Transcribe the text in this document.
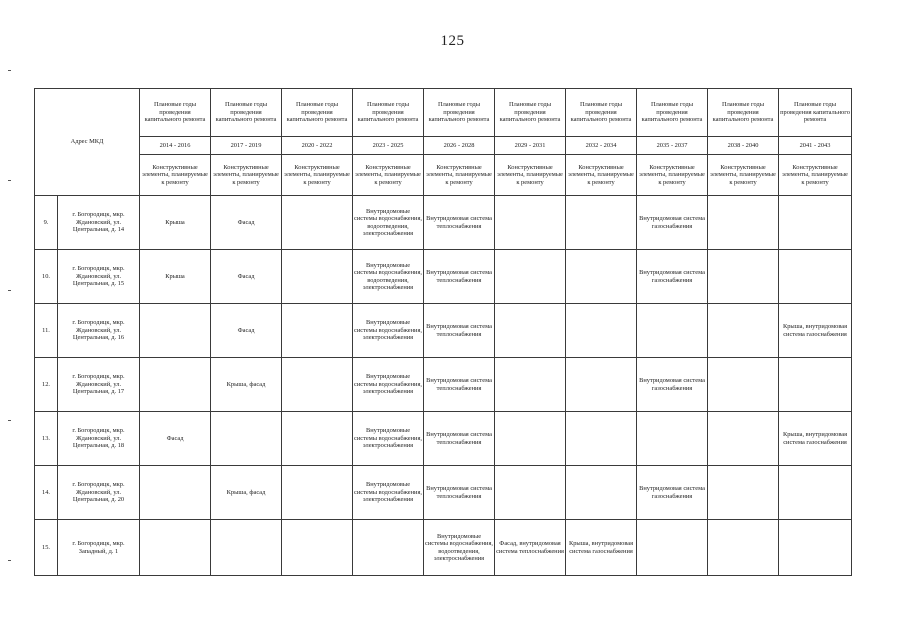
125
Адрес МКД		Плановые годы проведения капитального ремонта	Плановые годы проведения капитального ремонта	Плановые годы проведения капитального ремонта	Плановые годы проведения капитального ремонта	Плановые годы проведения капитального ремонта	Плановые годы проведения капитального ремонта	Плановые годы проведения капитального ремонта	Плановые годы проведения капитального ремонта	Плановые годы проведения капитального ремонта	Плановые годы проведения капитального ремонта
		2014 - 2016	2017 - 2019	2020 - 2022	2023 - 2025	2026 - 2028	2029 - 2031	2032 - 2034	2035 - 2037	2038 - 2040	2041 - 2043
		Конструктивные элементы, планируемые к ремонту	Конструктивные элементы, планируемые к ремонту	Конструктивные элементы, планируемые к ремонту	Конструктивные элементы, планируемые к ремонту	Конструктивные элементы, планируемые к ремонту	Конструктивные элементы, планируемые к ремонту	Конструктивные элементы, планируемые к ремонту	Конструктивные элементы, планируемые к ремонту	Конструктивные элементы, планируемые к ремонту	Конструктивные элементы, планируемые к ремонту
9.	г. Богородицк, мкр. Ждановский, ул. Центральная, д. 14	Крыша	Фасад		Внутридомовые системы водоснабжения, водоотведения, электроснабжения	Внутридомовая система теплоснабжения			Внутридомовая система газоснабжения		
10.	г. Богородицк, мкр. Ждановский, ул. Центральная, д. 15	Крыша	Фасад		Внутридомовые системы водоснабжения, водоотведения, электроснабжения	Внутридомовая система теплоснабжения			Внутридомовая система газоснабжения		
11.	г. Богородицк, мкр. Ждановский, ул. Центральная, д. 16		Фасад		Внутридомовые системы водоснабжения, электроснабжения	Внутридомовая система теплоснабжения					Крыша, внутридомовая система газоснабжения
12.	г. Богородицк, мкр. Ждановский, ул. Центральная, д. 17		Крыша, фасад		Внутридомовые системы водоснабжения, электроснабжения	Внутридомовая система теплоснабжения			Внутридомовая система газоснабжения		
13.	г. Богородицк, мкр. Ждановский, ул. Центральная, д. 18	Фасад			Внутридомовые системы водоснабжения, электроснабжения	Внутридомовая система теплоснабжения					Крыша, внутридомовая система газоснабжения
14.	г. Богородицк, мкр. Ждановский, ул. Центральная, д. 20		Крыша, фасад		Внутридомовые системы водоснабжения, электроснабжения	Внутридомовая система теплоснабжения			Внутридомовая система газоснабжения		
15.	г. Богородицк, мкр. Западный, д. 1					Внутридомовые системы водоснабжения, водоотведения, электроснабжения	Фасад, внутридомовая система теплоснабжения	Крыша, внутридомовая система газоснабжения			
